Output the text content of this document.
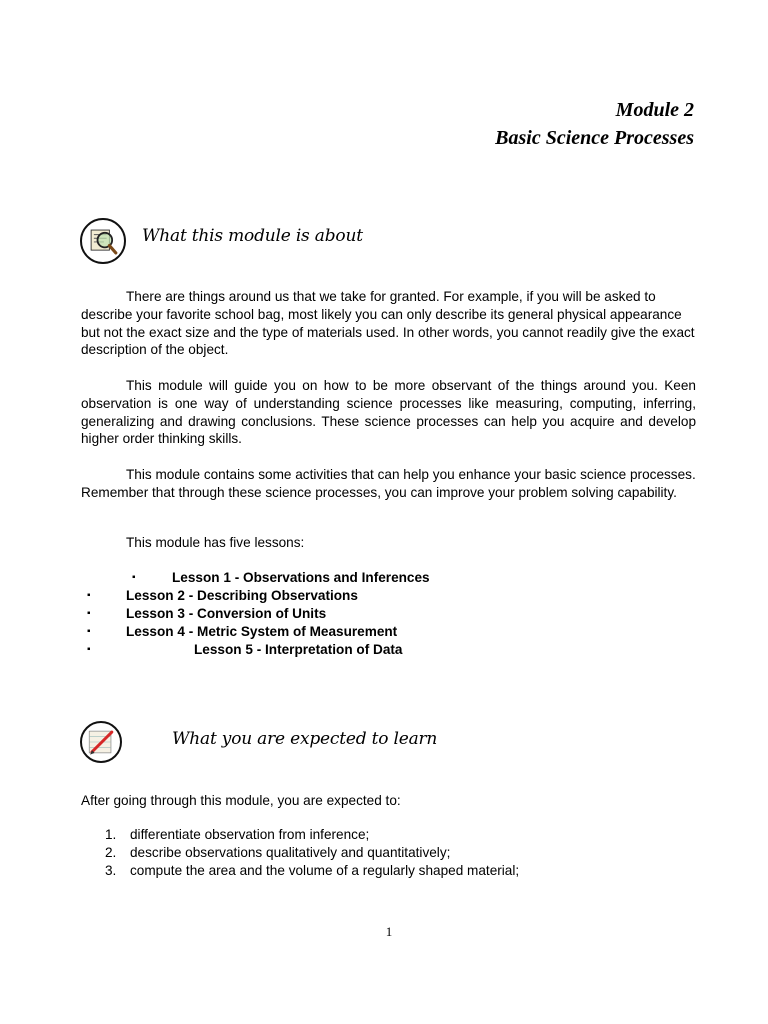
Module 2
Basic Science Processes
What this module is about

There are things around us that we take for granted. For example, if you will be asked to describe your favorite school bag, most likely you can only describe its general physical appearance but not the exact size and the type of materials used. In other words, you cannot readily give the exact description of the object.

This module will guide you on how to be more observant of the things around you. Keen observation is one way of understanding science processes like measuring, computing, inferring, generalizing and drawing conclusions. These science processes can help you acquire and develop higher order thinking skills.

This module contains some activities that can help you enhance your basic science processes. Remember that through these science processes, you can improve your problem solving capability.

This module has five lessons:

▪	Lesson 1 - Observations and Inferences
▪	Lesson 2 - Describing Observations
▪	Lesson 3 - Conversion of Units
▪	Lesson 4 - Metric System of Measurement
▪	Lesson 5 - Interpretation of Data
What you are expected to learn

After going through this module, you are expected to:

1. differentiate observation from inference;
2. describe observations qualitatively and quantitatively;
3. compute the area and the volume of a regularly shaped material;
1
